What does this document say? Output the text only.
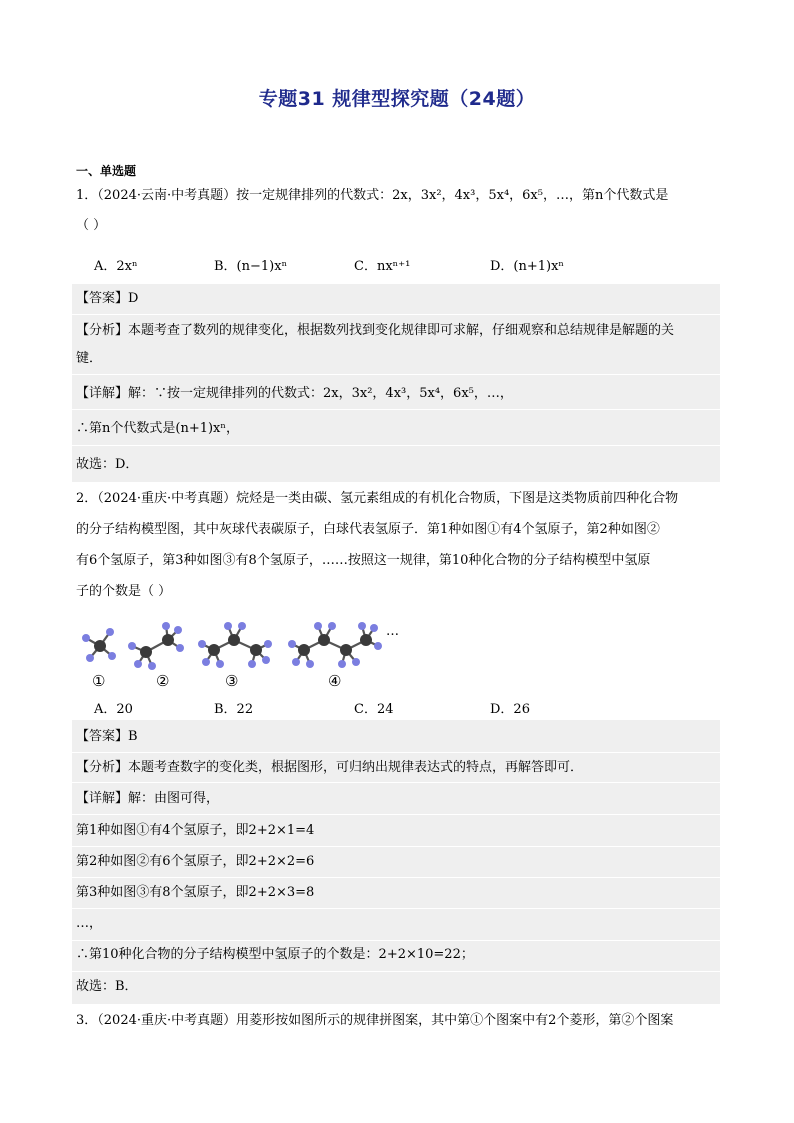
专题31 规律型探究题（24题）
一、单选题
1．（2024·云南·中考真题）按一定规律排列的代数式：2x，3x²，4x³，5x⁴，6x⁵，…，第n个代数式是
（ ）
A．2xⁿ	B．(n−1)xⁿ	C．nxⁿ⁺¹	D．(n+1)xⁿ
【答案】D
【分析】本题考查了数列的规律变化，根据数列找到变化规律即可求解，仔细观察和总结规律是解题的关
键．
【详解】解：∵按一定规律排列的代数式：2x，3x²，4x³，5x⁴，6x⁵，…，
∴第n个代数式是(n+1)xⁿ，
故选：D．
2．（2024·重庆·中考真题）烷烃是一类由碳、氢元素组成的有机化合物质，下图是这类物质前四种化合物
的分子结构模型图，其中灰球代表碳原子，白球代表氢原子．第1种如图①有4个氢原子，第2种如图②
有6个氢原子，第3种如图③有8个氢原子，……按照这一规律，第10种化合物的分子结构模型中氢原
子的个数是（ ）
…
①	②	③	④
A．20	B．22	C．24	D．26
【答案】B
【分析】本题考查数字的变化类，根据图形，可归纳出规律表达式的特点，再解答即可．
【详解】解：由图可得，
第1种如图①有4个氢原子，即2+2×1=4
第2种如图②有6个氢原子，即2+2×2=6
第3种如图③有8个氢原子，即2+2×3=8
…，
∴第10种化合物的分子结构模型中氢原子的个数是：2+2×10=22；
故选：B．
3．（2024·重庆·中考真题）用菱形按如图所示的规律拼图案，其中第①个图案中有2个菱形，第②个图案
